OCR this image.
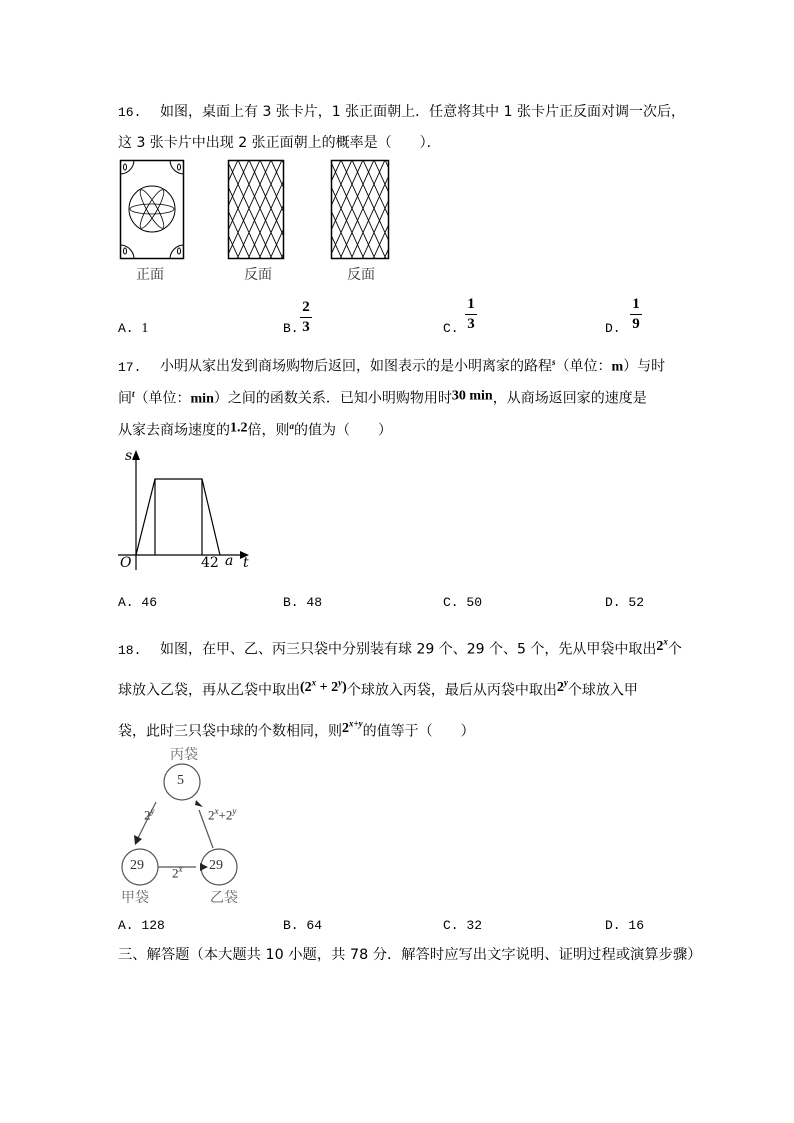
16. 如图，桌面上有 3 张卡片，1 张正面朝上．任意将其中 1 张卡片正反面对调一次后，
这 3 张卡片中出现 2 张正面朝上的概率是（　　）．
正面	反面	反面
A. 1	B.
2
3	C.
1
3	D.
1
9
17. 小明从家出发到商场购物后返回，如图表示的是小明离家的路程$^s$（单位：m）与时
间$^t$（单位：min）之间的函数关系．已知小明购物用时30 min，从商场返回家的速度是
从家去商场速度的1.2倍，则$^a$的值为（　　）
s
O	42 a t
A. 46	B. 48	C. 50	D. 52
18. 如图，在甲、乙、丙三只袋中分别装有球 29 个、29 个、5 个，先从甲袋中取出2$^x$个
球放入乙袋，再从乙袋中取出$(2^x + 2^y)$个球放入丙袋，最后从丙袋中取出2$^y$个球放入甲
袋，此时三只袋中球的个数相同，则$2^{x+y}$的值等于（　　）
丙袋
5
29	29
甲袋	乙袋
2$^y$	$2^x+2^y$
2$^x$
A. 128	B. 64	C. 32	D. 16
三、解答题（本大题共 10 小题，共 78 分．解答时应写出文字说明、证明过程或演算步骤）
